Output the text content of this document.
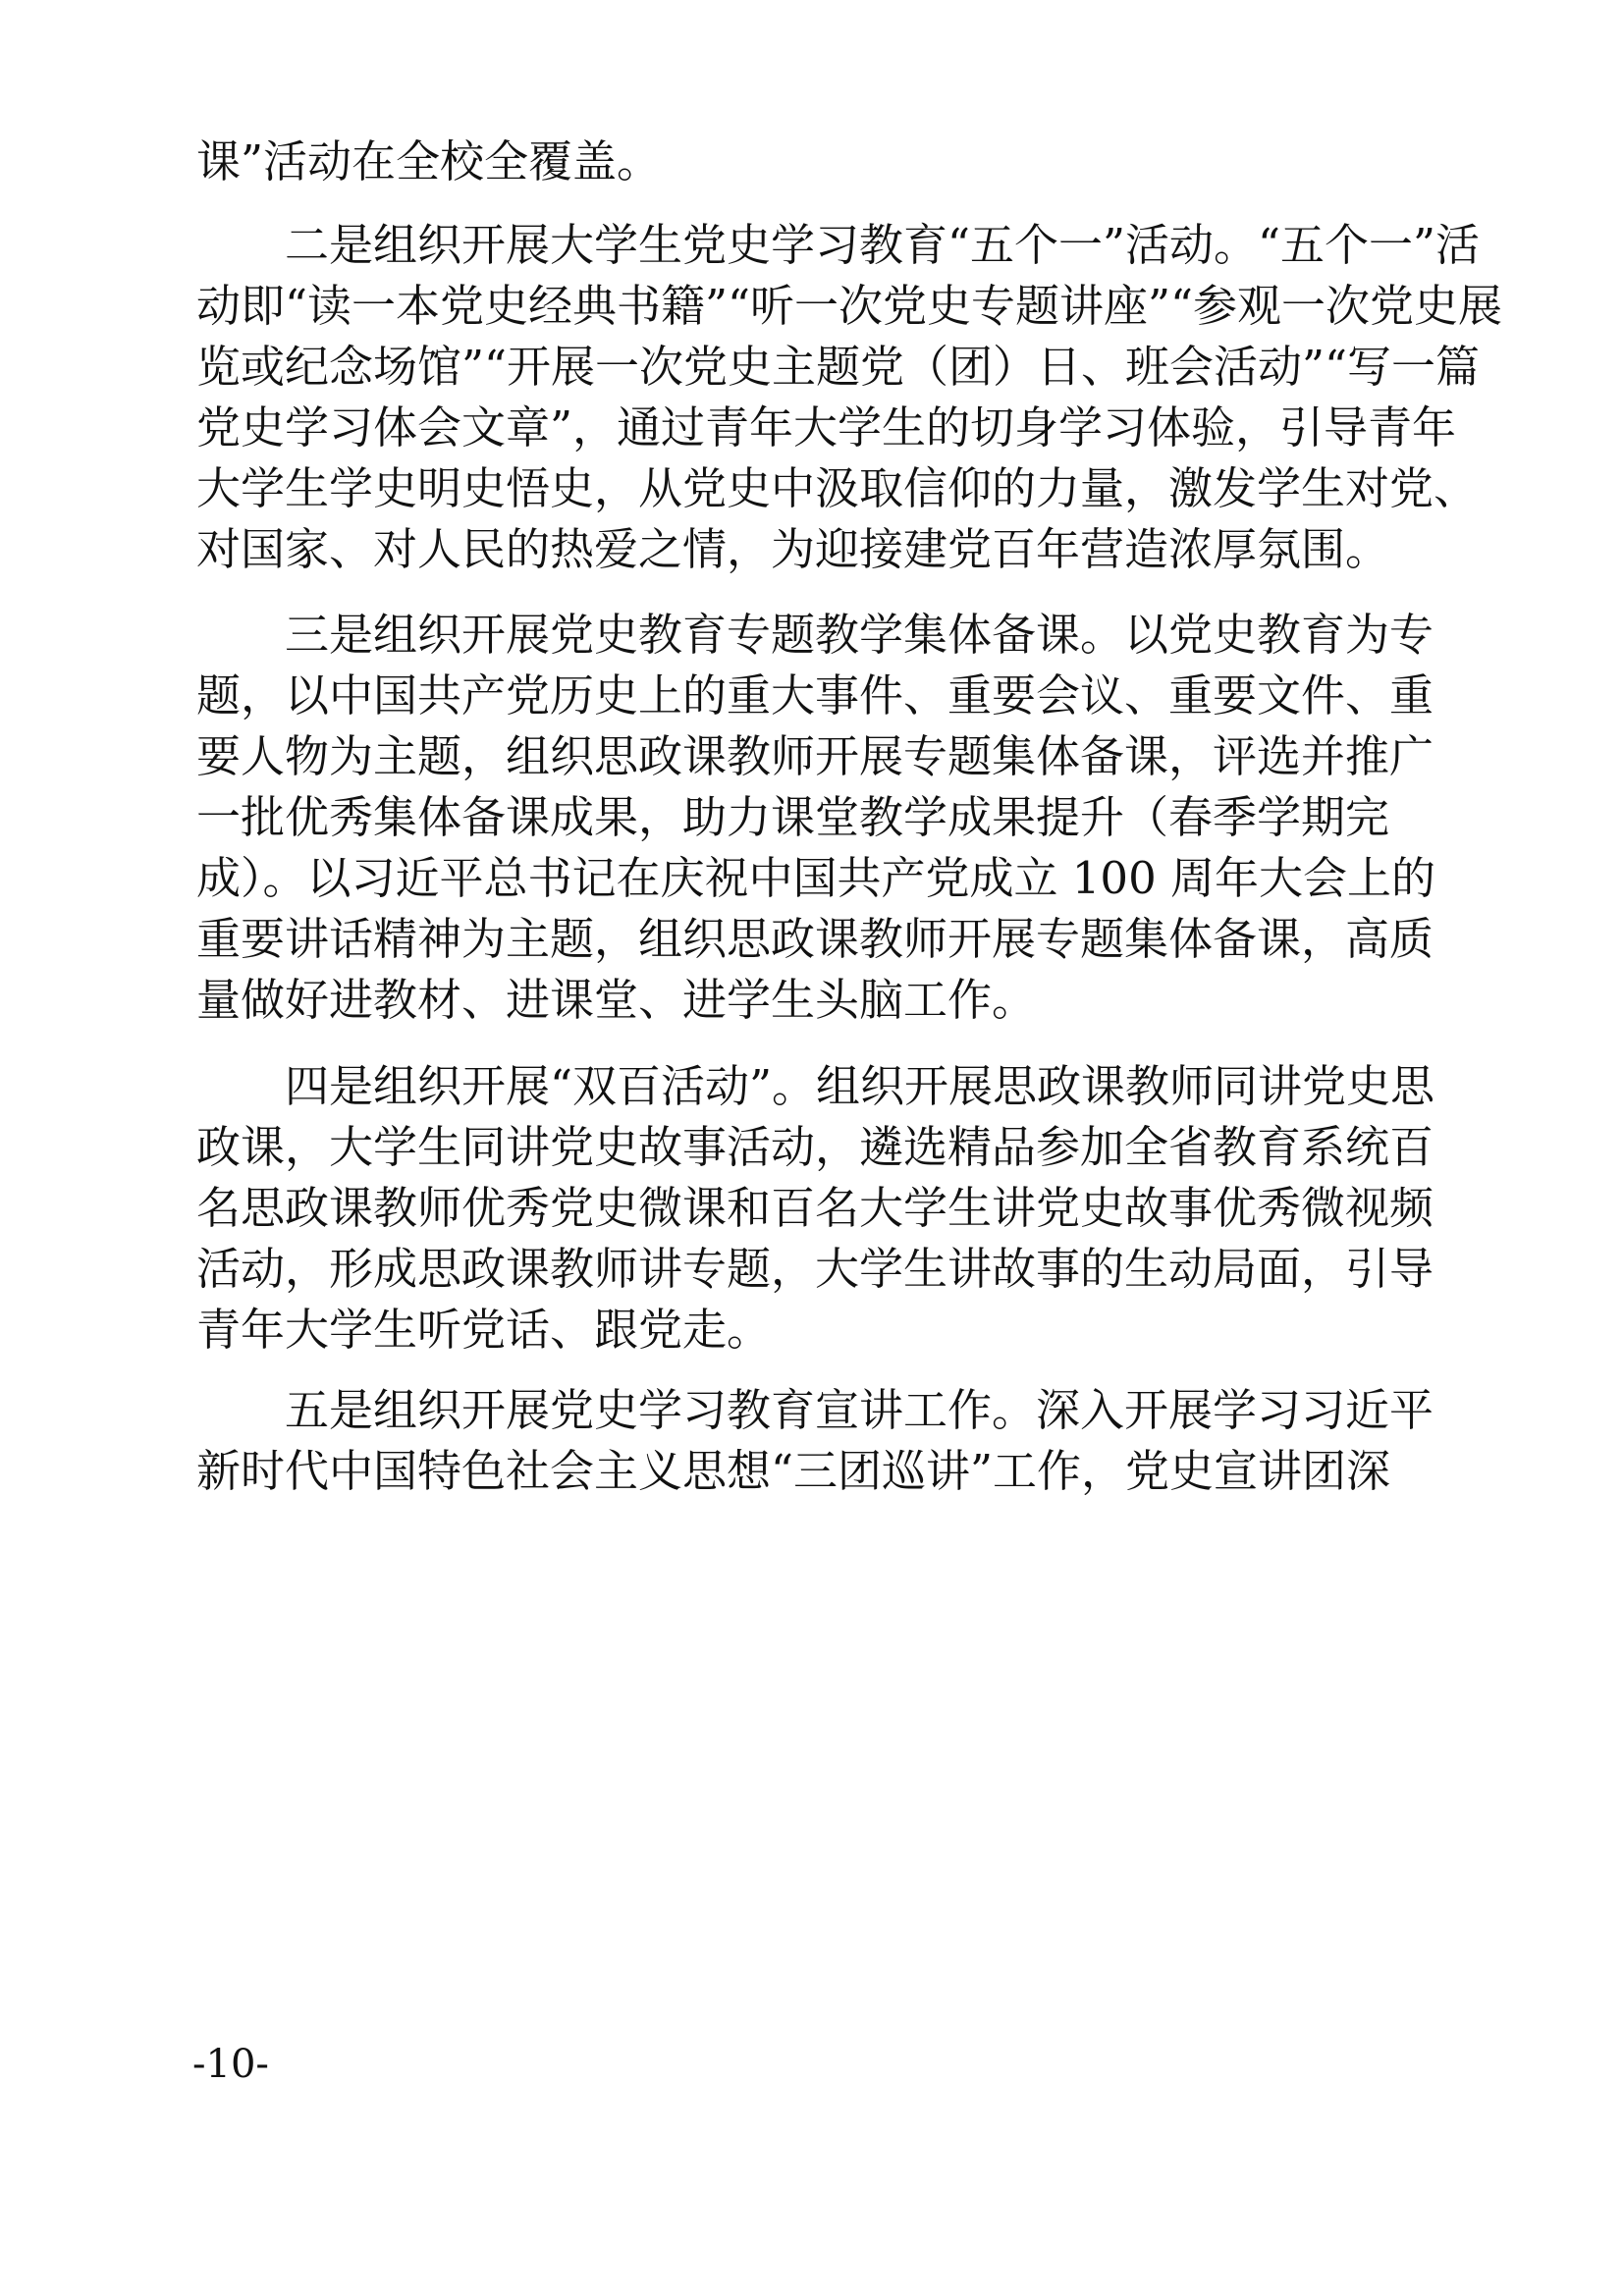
课”活动在全校全覆盖。
二是组织开展大学生党史学习教育“五个一”活动。“五个一”活
动即“读一本党史经典书籍”“听一次党史专题讲座”“参观一次党史展
览或纪念场馆”“开展一次党史主题党（团）日、班会活动”“写一篇
党史学习体会文章”，通过青年大学生的切身学习体验，引导青年
大学生学史明史悟史，从党史中汲取信仰的力量，激发学生对党、
对国家、对人民的热爱之情，为迎接建党百年营造浓厚氛围。
三是组织开展党史教育专题教学集体备课。以党史教育为专
题，以中国共产党历史上的重大事件、重要会议、重要文件、重
要人物为主题，组织思政课教师开展专题集体备课，评选并推广
一批优秀集体备课成果，助力课堂教学成果提升（春季学期完
成）。以习近平总书记在庆祝中国共产党成立 100 周年大会上的
重要讲话精神为主题，组织思政课教师开展专题集体备课，高质
量做好进教材、进课堂、进学生头脑工作。
四是组织开展“双百活动”。组织开展思政课教师同讲党史思
政课，大学生同讲党史故事活动，遴选精品参加全省教育系统百
名思政课教师优秀党史微课和百名大学生讲党史故事优秀微视频
活动，形成思政课教师讲专题，大学生讲故事的生动局面，引导
青年大学生听党话、跟党走。
五是组织开展党史学习教育宣讲工作。深入开展学习习近平
新时代中国特色社会主义思想“三团巡讲”工作，党史宣讲团深
-10-
